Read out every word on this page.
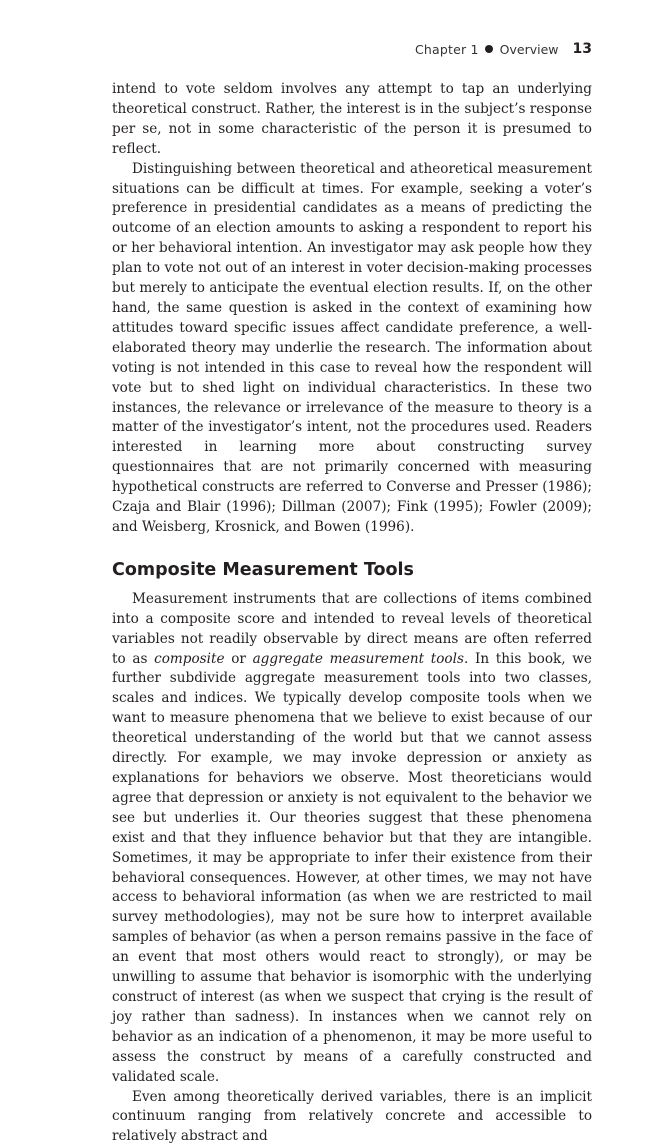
Chapter 1 Overview 13

intend to vote seldom involves any attempt to tap an underlying theoretical construct. Rather, the interest is in the subject’s response per se, not in some characteristic of the person it is presumed to reflect.

Distinguishing between theoretical and atheoretical measurement situations can be difficult at times. For example, seeking a voter’s preference in presidential candidates as a means of predicting the outcome of an election amounts to asking a respondent to report his or her behavioral intention. An investigator may ask people how they plan to vote not out of an interest in voter decision-making processes but merely to anticipate the eventual election results. If, on the other hand, the same question is asked in the context of examining how attitudes toward specific issues affect candidate preference, a well-elaborated theory may underlie the research. The information about voting is not intended in this case to reveal how the respondent will vote but to shed light on individual characteristics. In these two instances, the relevance or irrelevance of the measure to theory is a matter of the investigator’s intent, not the procedures used. Readers interested in learning more about constructing survey questionnaires that are not primarily concerned with measuring hypothetical constructs are referred to Converse and Presser (1986); Czaja and Blair (1996); Dillman (2007); Fink (1995); Fowler (2009); and Weisberg, Krosnick, and Bowen (1996).

Composite Measurement Tools

Measurement instruments that are collections of items combined into a composite score and intended to reveal levels of theoretical variables not readily observable by direct means are often referred to as composite or aggregate measurement tools. In this book, we further subdivide aggregate measurement tools into two classes, scales and indices. We typically develop composite tools when we want to measure phenomena that we believe to exist because of our theoretical understanding of the world but that we cannot assess directly. For example, we may invoke depression or anxiety as explanations for behaviors we observe. Most theoreticians would agree that depression or anxiety is not equivalent to the behavior we see but underlies it. Our theories suggest that these phenomena exist and that they influence behavior but that they are intangible. Sometimes, it may be appropriate to infer their existence from their behavioral consequences. However, at other times, we may not have access to behavioral information (as when we are restricted to mail survey methodologies), may not be sure how to interpret available samples of behavior (as when a person remains passive in the face of an event that most others would react to strongly), or may be unwilling to assume that behavior is isomorphic with the underlying construct of interest (as when we suspect that crying is the result of joy rather than sadness). In instances when we cannot rely on behavior as an indication of a phenomenon, it may be more useful to assess the construct by means of a carefully constructed and validated scale.

Even among theoretically derived variables, there is an implicit continuum ranging from relatively concrete and accessible to relatively abstract and
